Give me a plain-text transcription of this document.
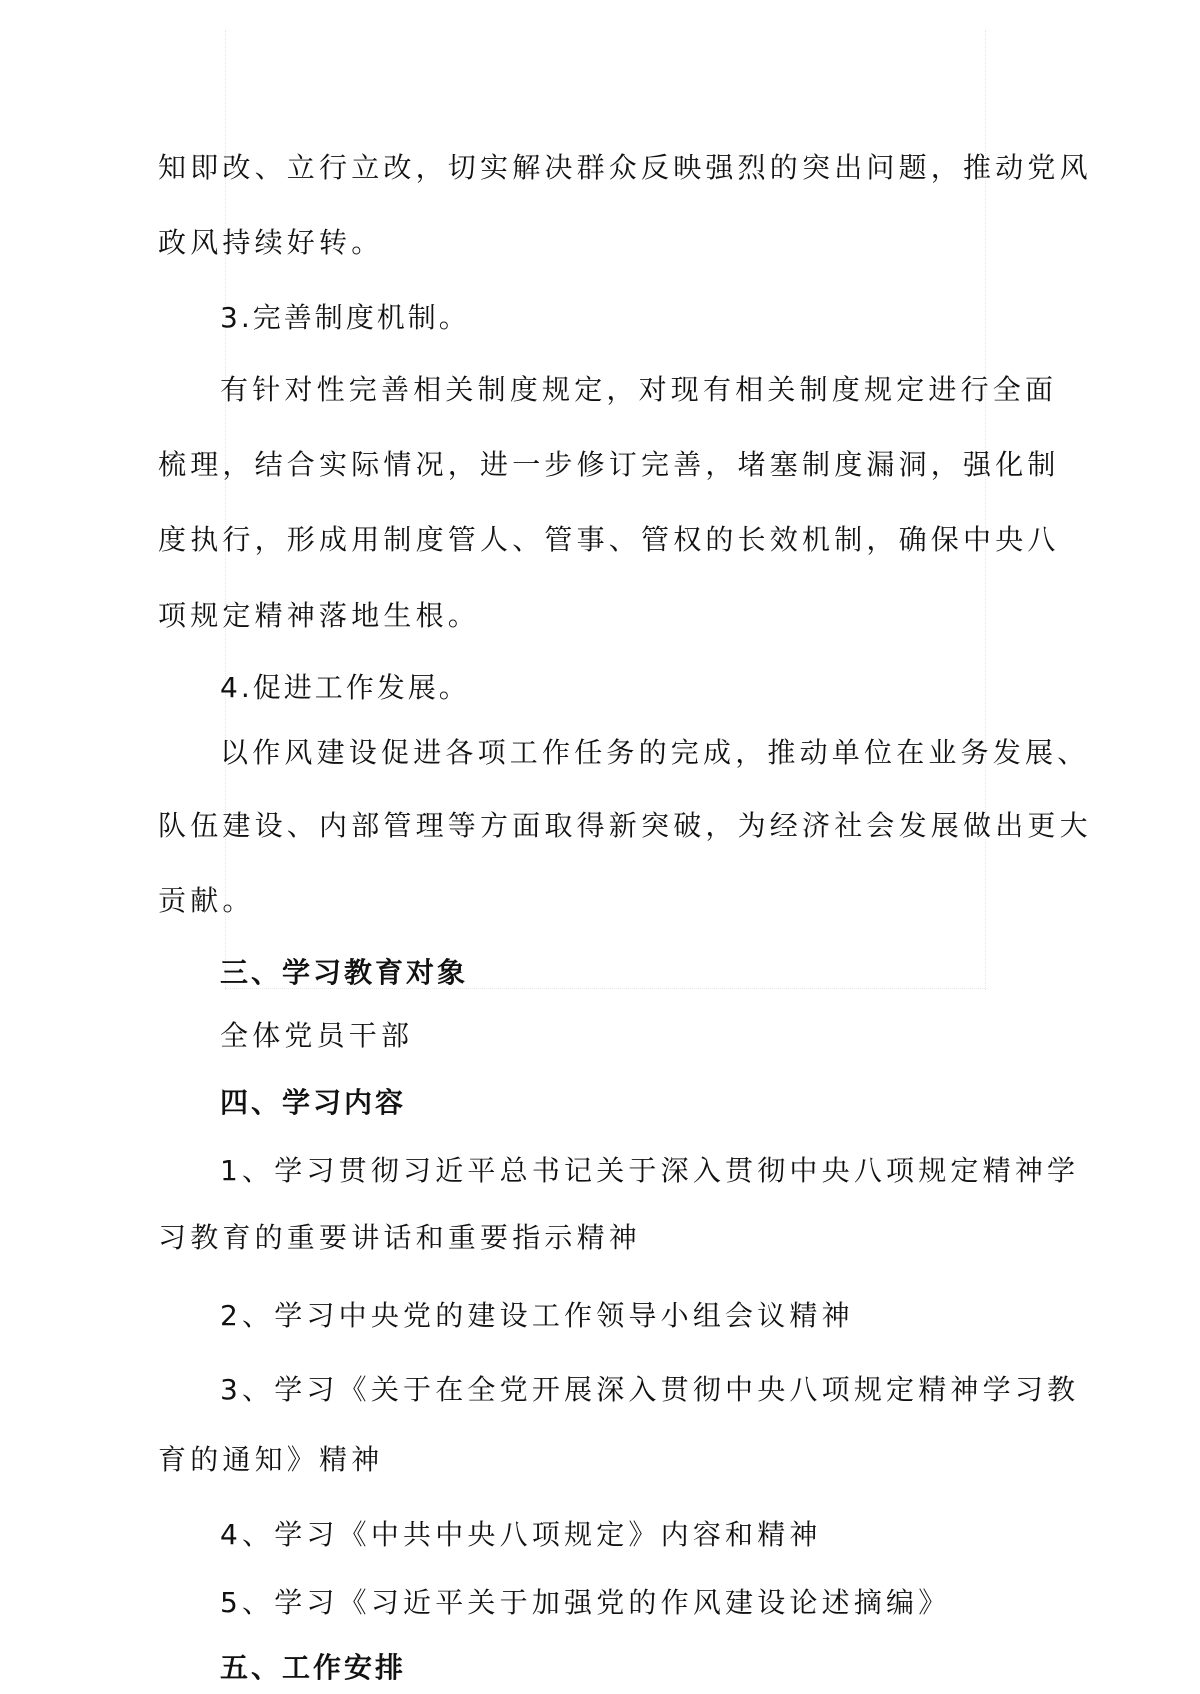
知即改、立行立改，切实解决群众反映强烈的突出问题，推动党风
政风持续好转。
3.完善制度机制。
有针对性完善相关制度规定，对现有相关制度规定进行全面
梳理，结合实际情况，进一步修订完善，堵塞制度漏洞，强化制
度执行，形成用制度管人、管事、管权的长效机制，确保中央八
项规定精神落地生根。
4.促进工作发展。
以作风建设促进各项工作任务的完成，推动单位在业务发展、
队伍建设、内部管理等方面取得新突破，为经济社会发展做出更大
贡献。
三、学习教育对象
全体党员干部
四、学习内容
1、学习贯彻习近平总书记关于深入贯彻中央八项规定精神学
习教育的重要讲话和重要指示精神
2、学习中央党的建设工作领导小组会议精神
3、学习《关于在全党开展深入贯彻中央八项规定精神学习教
育的通知》精神
4、学习《中共中央八项规定》内容和精神
5、学习《习近平关于加强党的作风建设论述摘编》
五、工作安排
